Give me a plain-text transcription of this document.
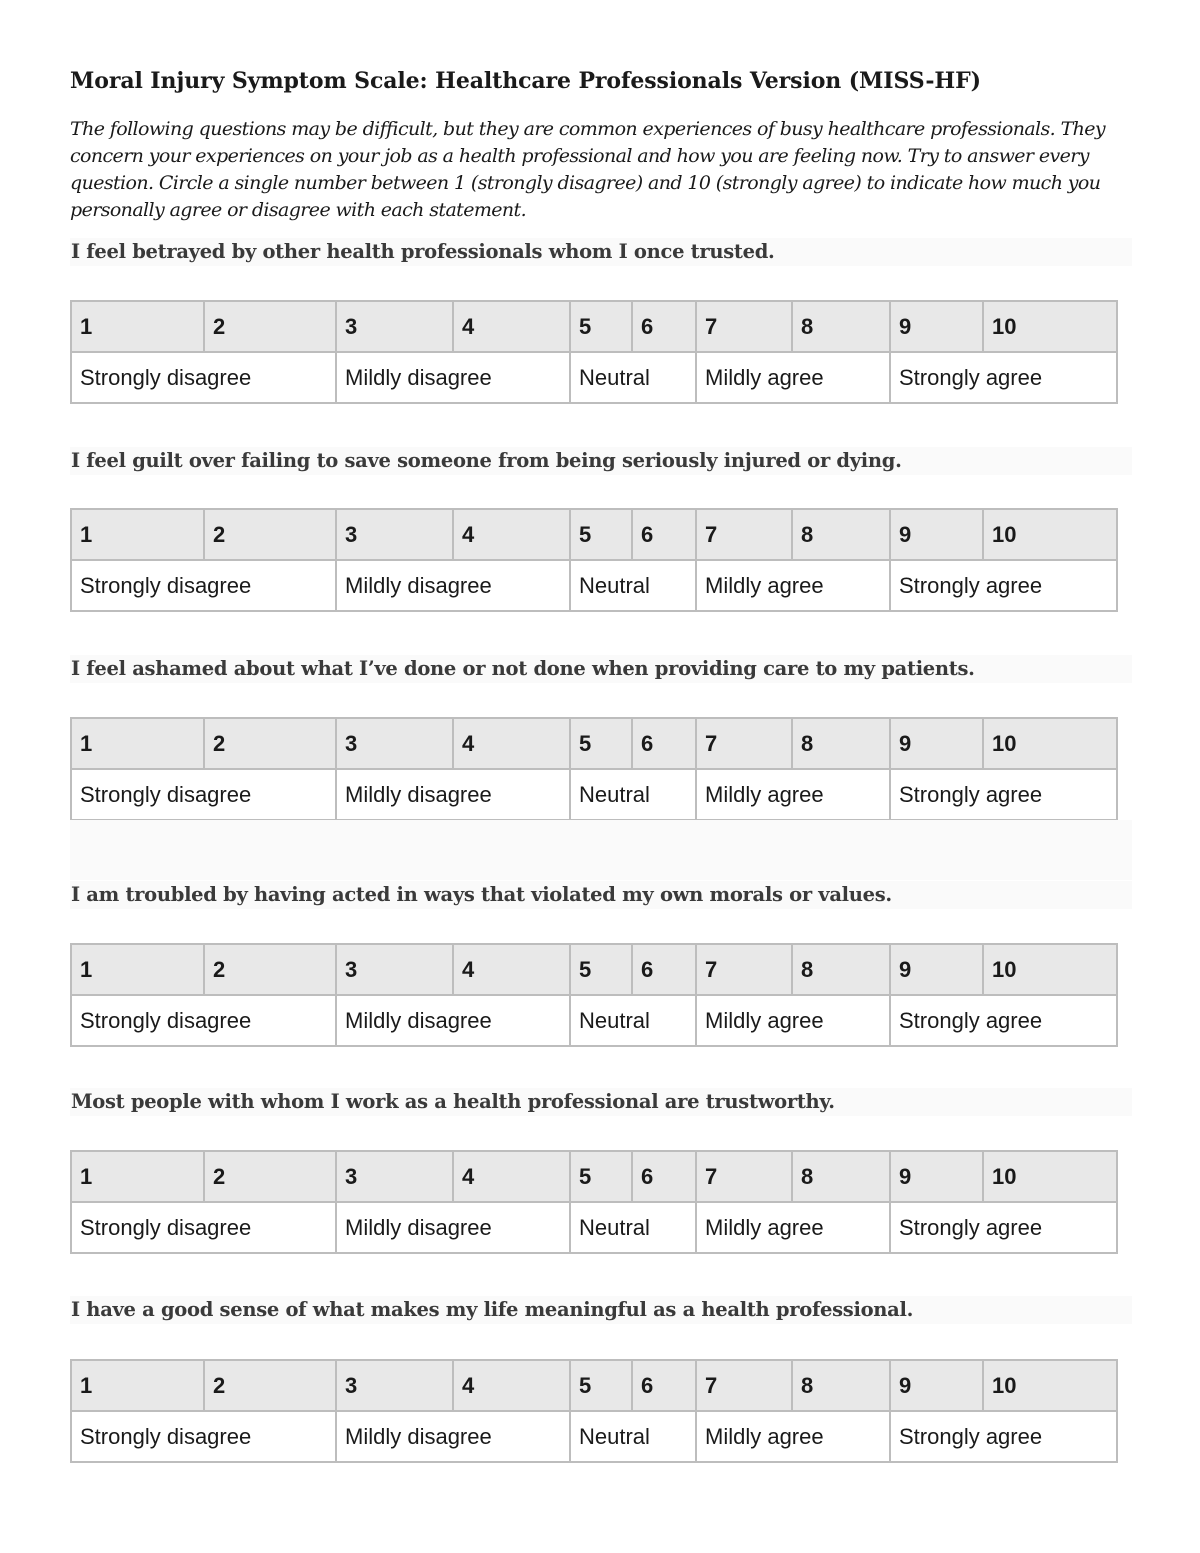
Moral Injury Symptom Scale: Healthcare Professionals Version (MISS-HF)
The following questions may be difficult, but they are common experiences of busy healthcare professionals. They concern your experiences on your job as a health professional and how you are feeling now. Try to answer every question. Circle a single number between 1 (strongly disagree) and 10 (strongly agree) to indicate how much you personally agree or disagree with each statement.
I feel betrayed by other health professionals whom I once trusted.
1	2	3	4	5	6	7	8	9	10
Strongly disagree		Mildly disagree		Neutral		Mildly agree		Strongly agree	
I feel guilt over failing to save someone from being seriously injured or dying.
1	2	3	4	5	6	7	8	9	10
Strongly disagree		Mildly disagree		Neutral		Mildly agree		Strongly agree	
I feel ashamed about what I’ve done or not done when providing care to my patients.
1	2	3	4	5	6	7	8	9	10
Strongly disagree		Mildly disagree		Neutral		Mildly agree		Strongly agree	
I am troubled by having acted in ways that violated my own morals or values.
1	2	3	4	5	6	7	8	9	10
Strongly disagree		Mildly disagree		Neutral		Mildly agree		Strongly agree	
Most people with whom I work as a health professional are trustworthy.
1	2	3	4	5	6	7	8	9	10
Strongly disagree		Mildly disagree		Neutral		Mildly agree		Strongly agree	
I have a good sense of what makes my life meaningful as a health professional.
1	2	3	4	5	6	7	8	9	10
Strongly disagree		Mildly disagree		Neutral		Mildly agree		Strongly agree	
